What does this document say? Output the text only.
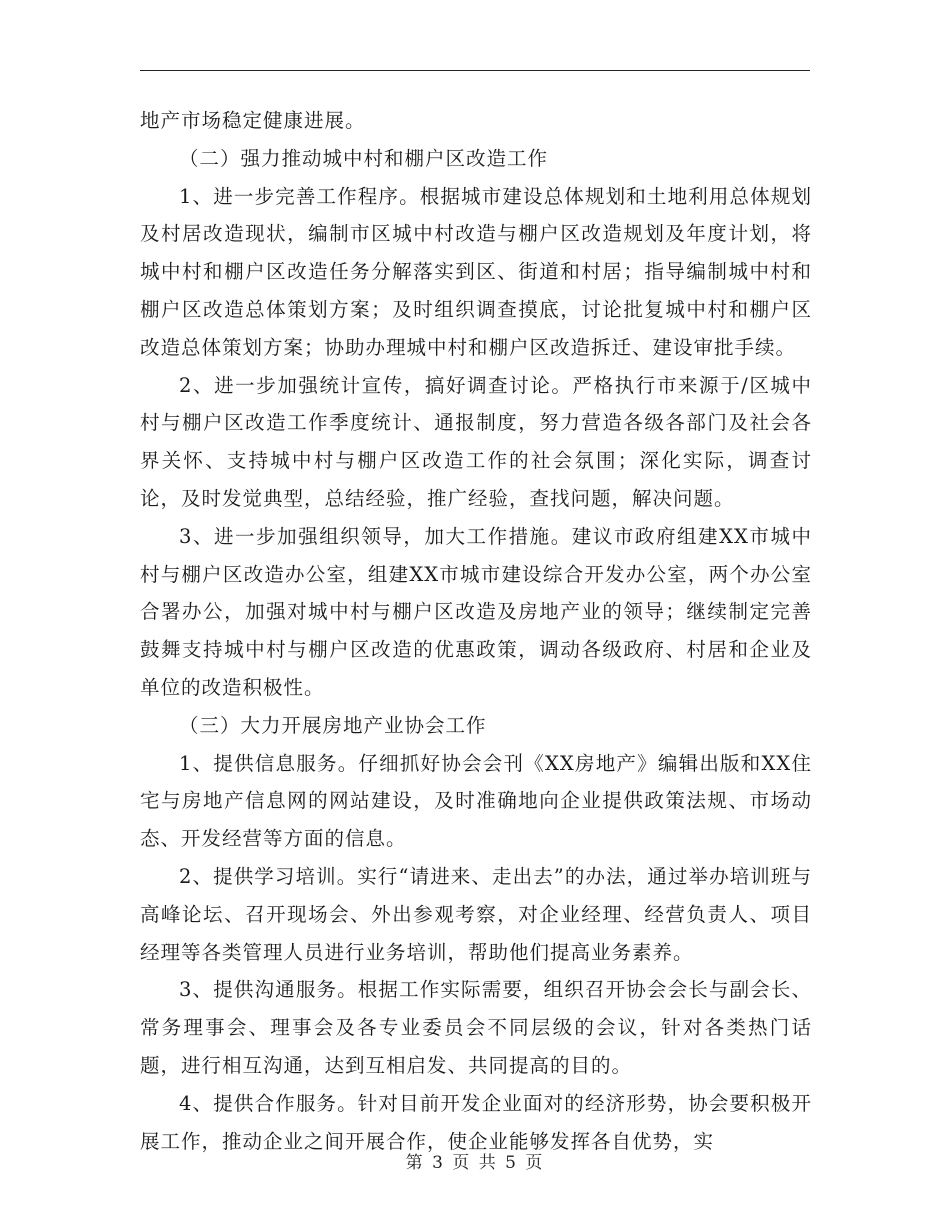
地产市场稳定健康进展。

（二）强力推动城中村和棚户区改造工作

1、进一步完善工作程序。根据城市建设总体规划和土地利用总体规划及村居改造现状，编制市区城中村改造与棚户区改造规划及年度计划，将城中村和棚户区改造任务分解落实到区、街道和村居；指导编制城中村和棚户区改造总体策划方案；及时组织调查摸底，讨论批复城中村和棚户区改造总体策划方案；协助办理城中村和棚户区改造拆迁、建设审批手续。

2、进一步加强统计宣传，搞好调查讨论。严格执行市来源于/区城中村与棚户区改造工作季度统计、通报制度，努力营造各级各部门及社会各界关怀、支持城中村与棚户区改造工作的社会氛围；深化实际，调查讨论，及时发觉典型，总结经验，推广经验，查找问题，解决问题。

3、进一步加强组织领导，加大工作措施。建议市政府组建XX市城中村与棚户区改造办公室，组建XX市城市建设综合开发办公室，两个办公室合署办公，加强对城中村与棚户区改造及房地产业的领导；继续制定完善鼓舞支持城中村与棚户区改造的优惠政策，调动各级政府、村居和企业及单位的改造积极性。

（三）大力开展房地产业协会工作

1、提供信息服务。仔细抓好协会会刊《XX房地产》编辑出版和XX住宅与房地产信息网的网站建设，及时准确地向企业提供政策法规、市场动态、开发经营等方面的信息。

2、提供学习培训。实行“请进来、走出去”的办法，通过举办培训班与高峰论坛、召开现场会、外出参观考察，对企业经理、经营负责人、项目经理等各类管理人员进行业务培训，帮助他们提高业务素养。

3、提供沟通服务。根据工作实际需要，组织召开协会会长与副会长、常务理事会、理事会及各专业委员会不同层级的会议，针对各类热门话题，进行相互沟通，达到互相启发、共同提高的目的。

4、提供合作服务。针对目前开发企业面对的经济形势，协会要积极开展工作，推动企业之间开展合作，使企业能够发挥各自优势，实

第 3 页 共 5 页
